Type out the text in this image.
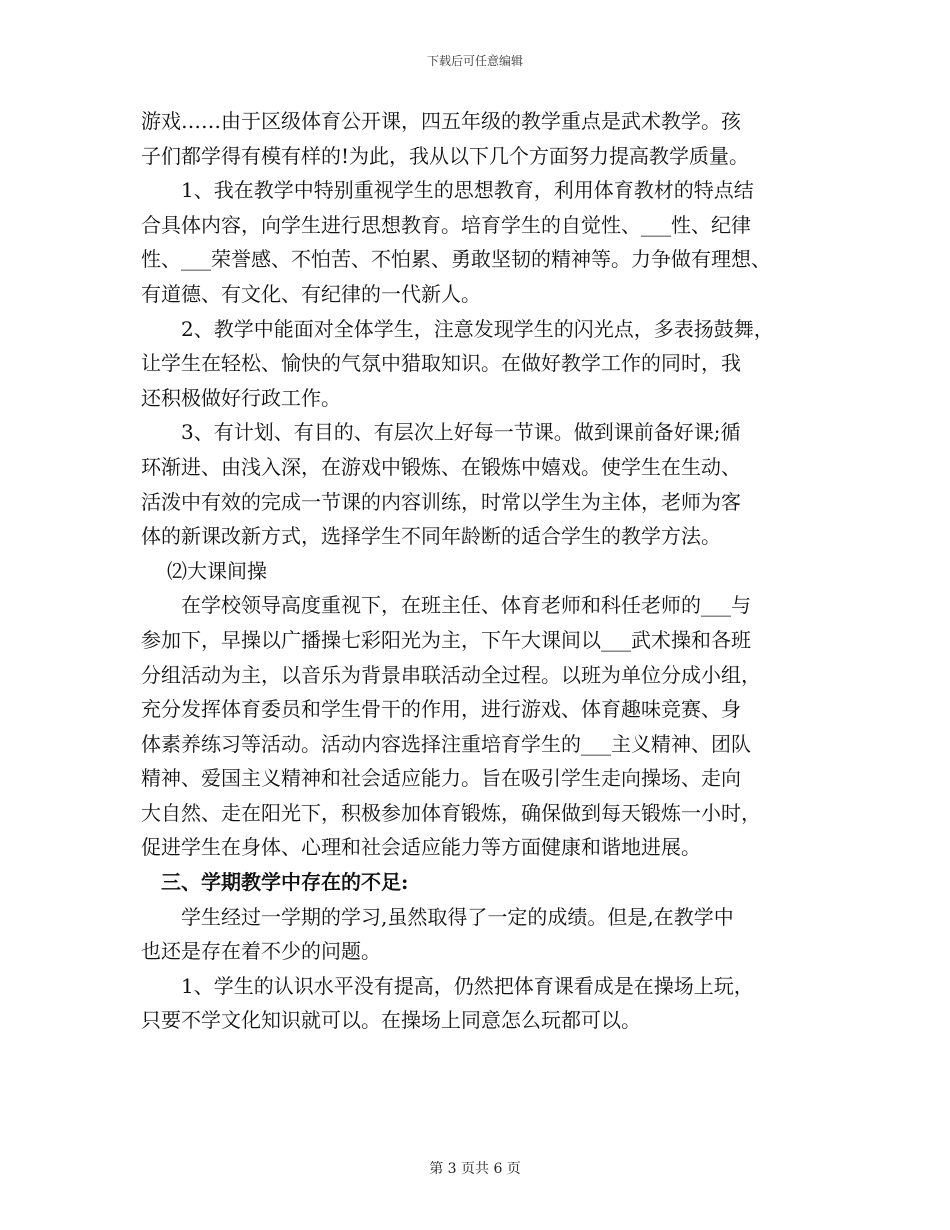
下载后可任意编辑
游戏……由于区级体育公开课，四五年级的教学重点是武术教学。孩
子们都学得有模有样的!为此，我从以下几个方面努力提高教学质量。
1、我在教学中特别重视学生的思想教育，利用体育教材的特点结
合具体内容，向学生进行思想教育。培育学生的自觉性、___性、纪律
性、___荣誉感、不怕苦、不怕累、勇敢坚韧的精神等。力争做有理想、
有道德、有文化、有纪律的一代新人。
2、教学中能面对全体学生，注意发现学生的闪光点，多表扬鼓舞，
让学生在轻松、愉快的气氛中猎取知识。在做好教学工作的同时，我
还积极做好行政工作。
3、有计划、有目的、有层次上好每一节课。做到课前备好课;循
环渐进、由浅入深，在游戏中锻炼、在锻炼中嬉戏。使学生在生动、
活泼中有效的完成一节课的内容训练，时常以学生为主体，老师为客
体的新课改新方式，选择学生不同年龄断的适合学生的教学方法。
⑵大课间操
在学校领导高度重视下，在班主任、体育老师和科任老师的___与
参加下，早操以广播操七彩阳光为主，下午大课间以___武术操和各班
分组活动为主，以音乐为背景串联活动全过程。以班为单位分成小组，
充分发挥体育委员和学生骨干的作用，进行游戏、体育趣味竞赛、身
体素养练习等活动。活动内容选择注重培育学生的___主义精神、团队
精神、爱国主义精神和社会适应能力。旨在吸引学生走向操场、走向
大自然、走在阳光下，积极参加体育锻炼，确保做到每天锻炼一小时，
促进学生在身体、心理和社会适应能力等方面健康和谐地进展。
三、学期教学中存在的不足:
学生经过一学期的学习,虽然取得了一定的成绩。但是,在教学中
也还是存在着不少的问题。
1、学生的认识水平没有提高，仍然把体育课看成是在操场上玩，
只要不学文化知识就可以。在操场上同意怎么玩都可以。
第 3 页共 6 页
